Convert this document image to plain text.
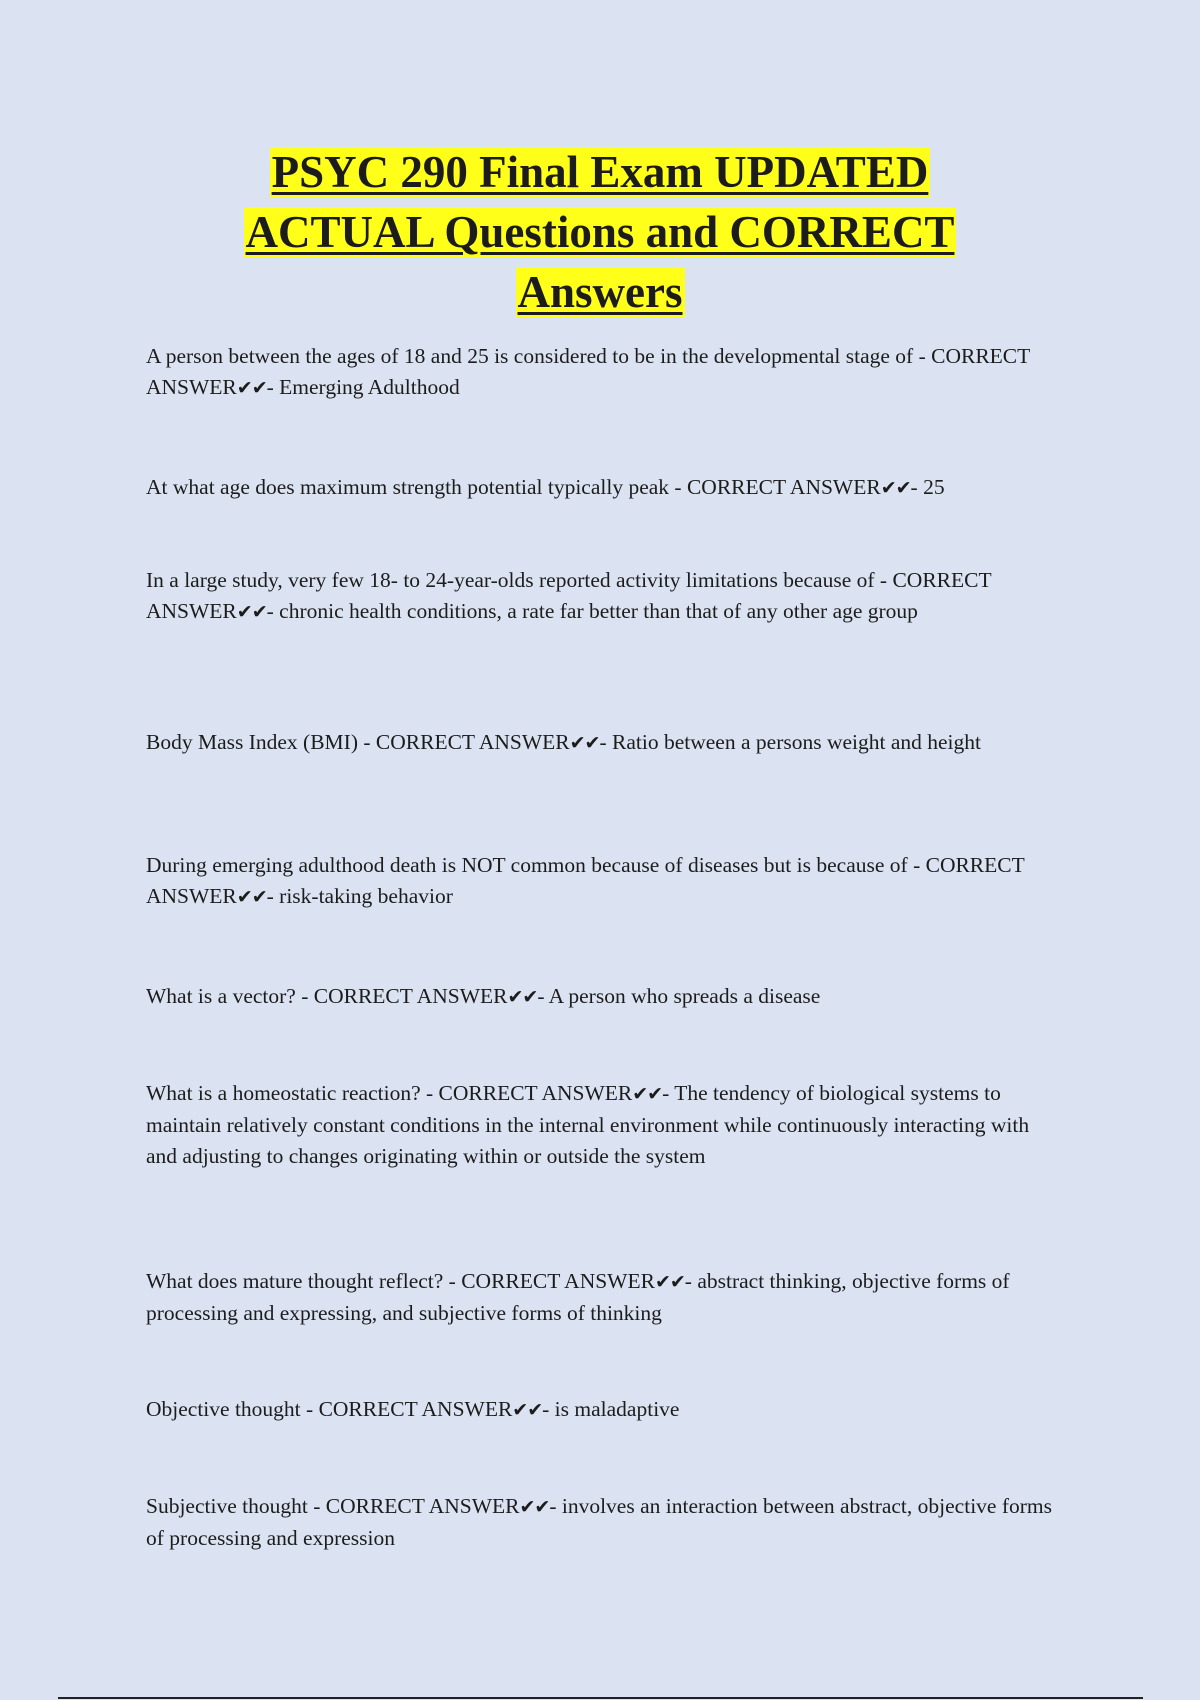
PSYC 290 Final Exam UPDATED
ACTUAL Questions and CORRECT
Answers

A person between the ages of 18 and 25 is considered to be in the developmental stage of - CORRECT ANSWER✔✔- Emerging Adulthood

At what age does maximum strength potential typically peak - CORRECT ANSWER✔✔- 25

In a large study, very few 18- to 24-year-olds reported activity limitations because of - CORRECT ANSWER✔✔- chronic health conditions, a rate far better than that of any other age group

Body Mass Index (BMI) - CORRECT ANSWER✔✔- Ratio between a persons weight and height

During emerging adulthood death is NOT common because of diseases but is because of - CORRECT ANSWER✔✔- risk-taking behavior

What is a vector? - CORRECT ANSWER✔✔- A person who spreads a disease

What is a homeostatic reaction? - CORRECT ANSWER✔✔- The tendency of biological systems to maintain relatively constant conditions in the internal environment while continuously interacting with and adjusting to changes originating within or outside the system

What does mature thought reflect? - CORRECT ANSWER✔✔- abstract thinking, objective forms of processing and expressing, and subjective forms of thinking

Objective thought - CORRECT ANSWER✔✔- is maladaptive

Subjective thought - CORRECT ANSWER✔✔- involves an interaction between abstract, objective forms of processing and expression
